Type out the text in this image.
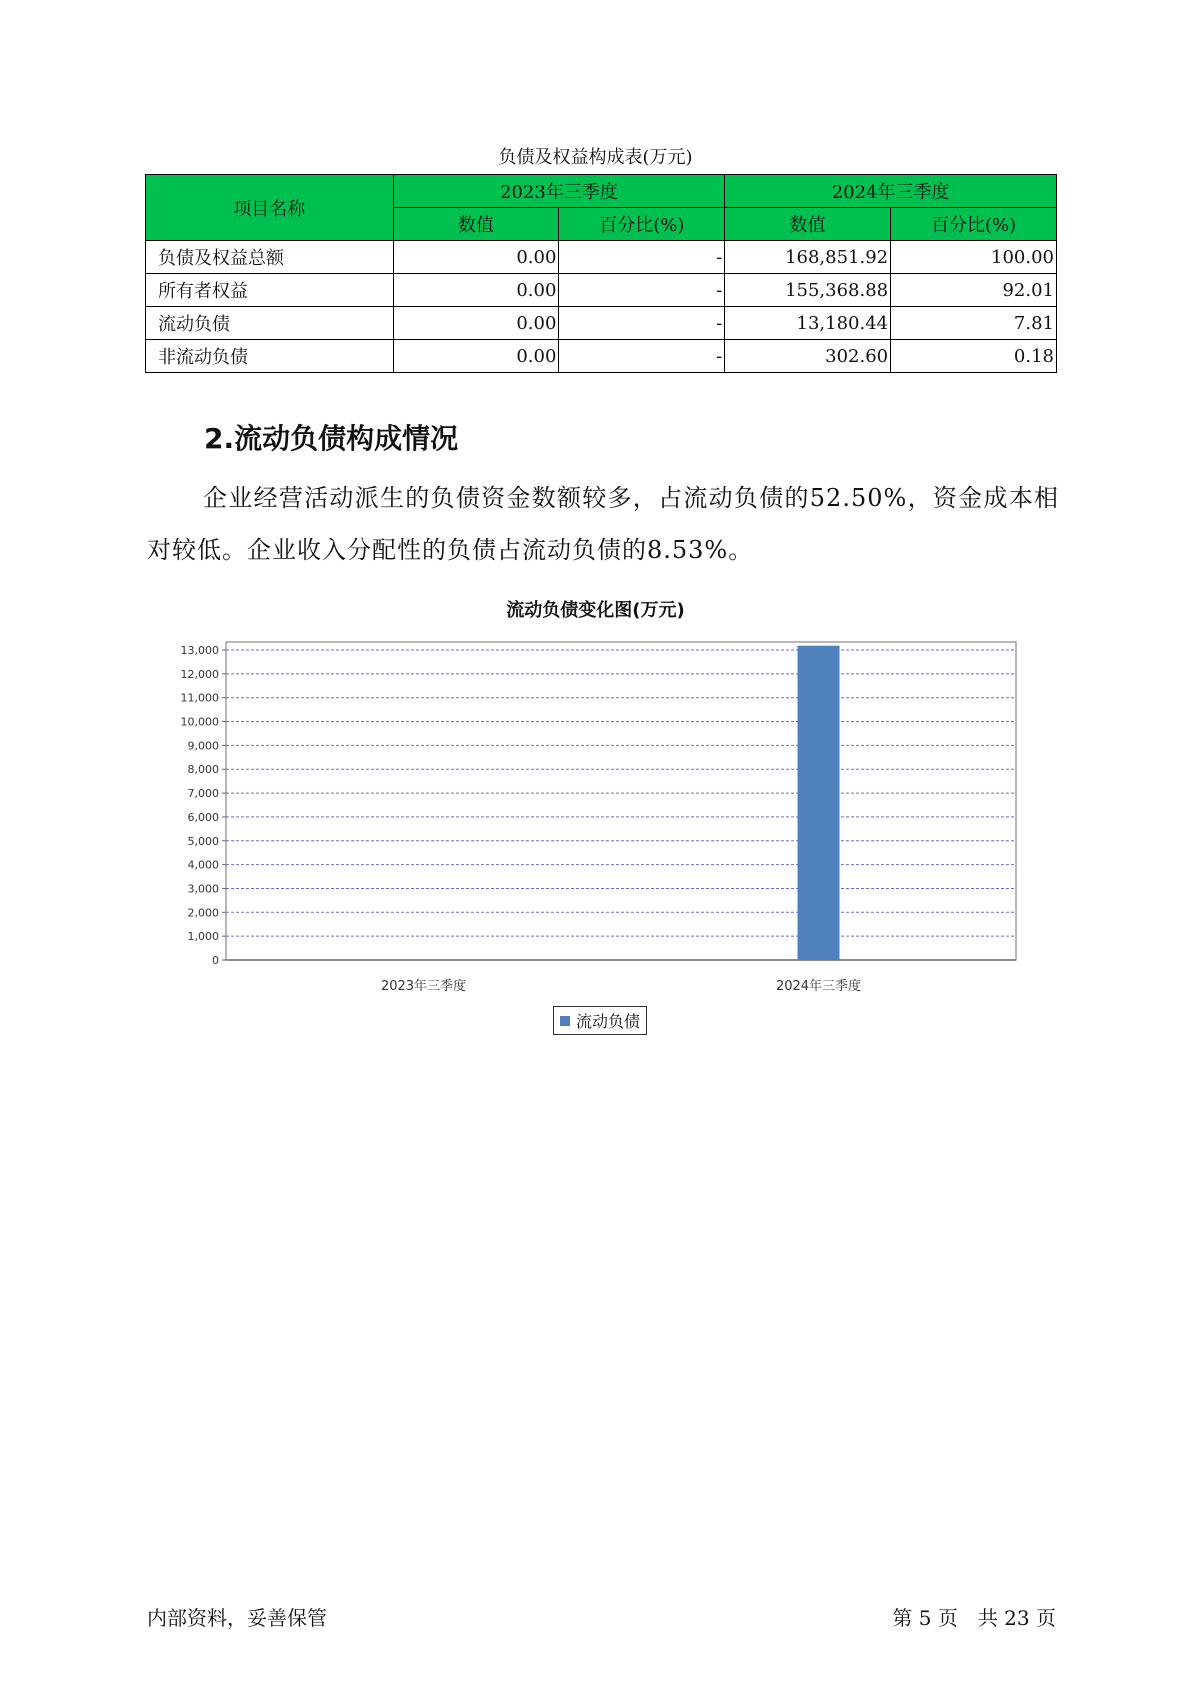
负债及权益构成表(万元)
项目名称	2023年三季度		2024年三季度	
	数值	百分比(%)	数值	百分比(%)
负债及权益总额	0.00	-	168,851.92	100.00
所有者权益	0.00	-	155,368.88	92.01
流动负债	0.00	-	13,180.44	7.81
非流动负债	0.00	-	302.60	0.18
2.流动负债构成情况
企业经营活动派生的负债资金数额较多，占流动负债的52.50%，资金成本相对较低。企业收入分配性的负债占流动负债的8.53%。
流动负债变化图(万元)
0
1,000
2,000
3,000
4,000
5,000
6,000
7,000
8,000
9,000
10,000
11,000
12,000
13,000
2023年三季度	2024年三季度
流动负债
内部资料，妥善保管	第 5 页　共 23 页
